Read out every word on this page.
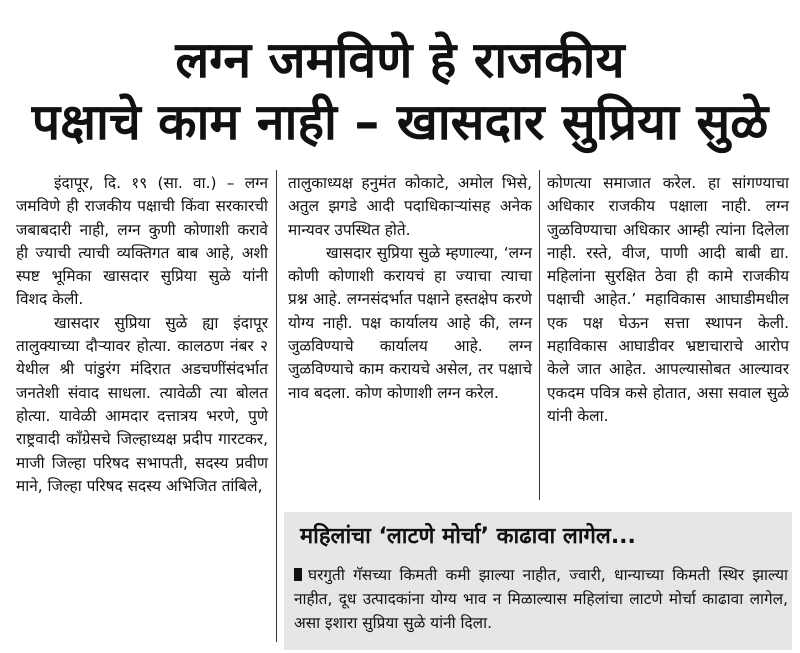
लग्न जमविणे हे राजकीय
पक्षाचे काम नाही – खासदार सुप्रिया सुळे

इंदापूर, दि. १९ (सा. वा.) – लग्न जमविणे ही राजकीय पक्षाची किंवा सरकारची जबाबदारी नाही, लग्न कुणी कोणाशी करावे ही ज्याची त्याची व्यक्तिगत बाब आहे, अशी स्पष्ट भूमिका खासदार सुप्रिया सुळे यांनी विशद केली.

खासदार सुप्रिया सुळे ह्या इंदापूर तालुक्याच्या दौऱ्यावर होत्या. कालठण नंबर २ येथील श्री पांडुरंग मंदिरात अडचणींसंदर्भात जनतेशी संवाद साधला. त्यावेळी त्या बोलत होत्या. यावेळी आमदार दत्तात्रय भरणे, पुणे राष्ट्रवादी काँग्रेसचे जिल्हाध्यक्ष प्रदीप गारटकर, माजी जिल्हा परिषद सभापती, सदस्य प्रवीण माने, जिल्हा परिषद सदस्य अभिजित तांबिले,

तालुकाध्यक्ष हनुमंत कोकाटे, अमोल भिसे, अतुल झगडे आदी पदाधिकाऱ्यांसह अनेक मान्यवर उपस्थित होते.

खासदार सुप्रिया सुळे म्हणाल्या, ‘लग्न कोणी कोणाशी करायचं हा ज्याचा त्याचा प्रश्न आहे. लग्नसंदर्भात पक्षाने हस्तक्षेप करणे योग्य नाही. पक्ष कार्यालय आहे की, लग्न जुळविण्याचे कार्यालय आहे. लग्न जुळविण्याचे काम करायचे असेल, तर पक्षाचे नाव बदला. कोण कोणाशी लग्न करेल.

कोणत्या समाजात करेल. हा सांगण्याचा अधिकार राजकीय पक्षाला नाही. लग्न जुळविण्याचा अधिकार आम्ही त्यांना दिलेला नाही. रस्ते, वीज, पाणी आदी बाबी द्या. महिलांना सुरक्षित ठेवा ही कामे राजकीय पक्षाची आहेत.’ महाविकास आघाडीमधील एक पक्ष घेऊन सत्ता स्थापन केली. महाविकास आघाडीवर भ्रष्टाचाराचे आरोप केले जात आहेत. आपल्यासोबत आल्यावर एकदम पवित्र कसे होतात, असा सवाल सुळे यांनी केला.

महिलांचा ‘लाटणे मोर्चा’ काढावा लागेल...
घरगुती गॅसच्या किमती कमी झाल्या नाहीत, ज्वारी, धान्याच्या किमती स्थिर झाल्या नाहीत, दूध उत्पादकांना योग्य भाव न मिळाल्यास महिलांचा लाटणे मोर्चा काढावा लागेल, असा इशारा सुप्रिया सुळे यांनी दिला.
